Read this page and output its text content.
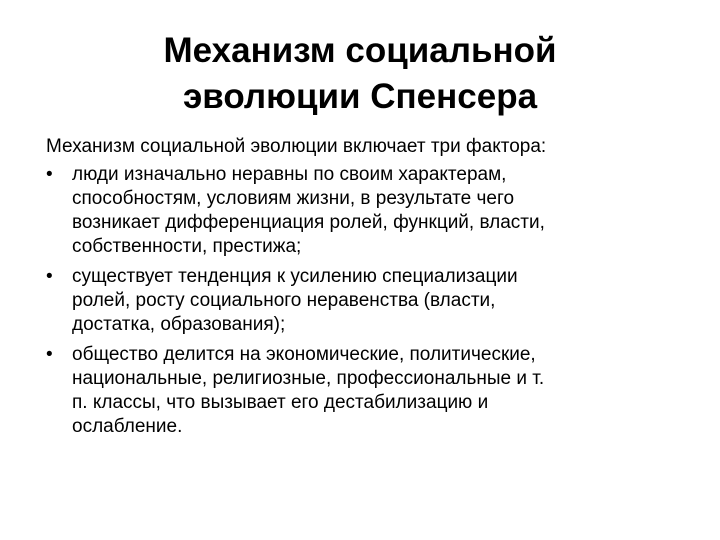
Механизм социальной
эволюции Спенсера

Механизм социальной эволюции включает три фактора:

•	люди изначально неравны по своим характерам,
способностям, условиям жизни, в результате чего
возникает дифференциация ролей, функций, власти,
собственности, престижа;
•	существует тенденция к усилению специализации
ролей, росту социального неравенства (власти,
достатка, образования);
•	общество делится на экономические, политические,
национальные, религиозные, профессиональные и т.
п. классы, что вызывает его дестабилизацию и
ослабление.
